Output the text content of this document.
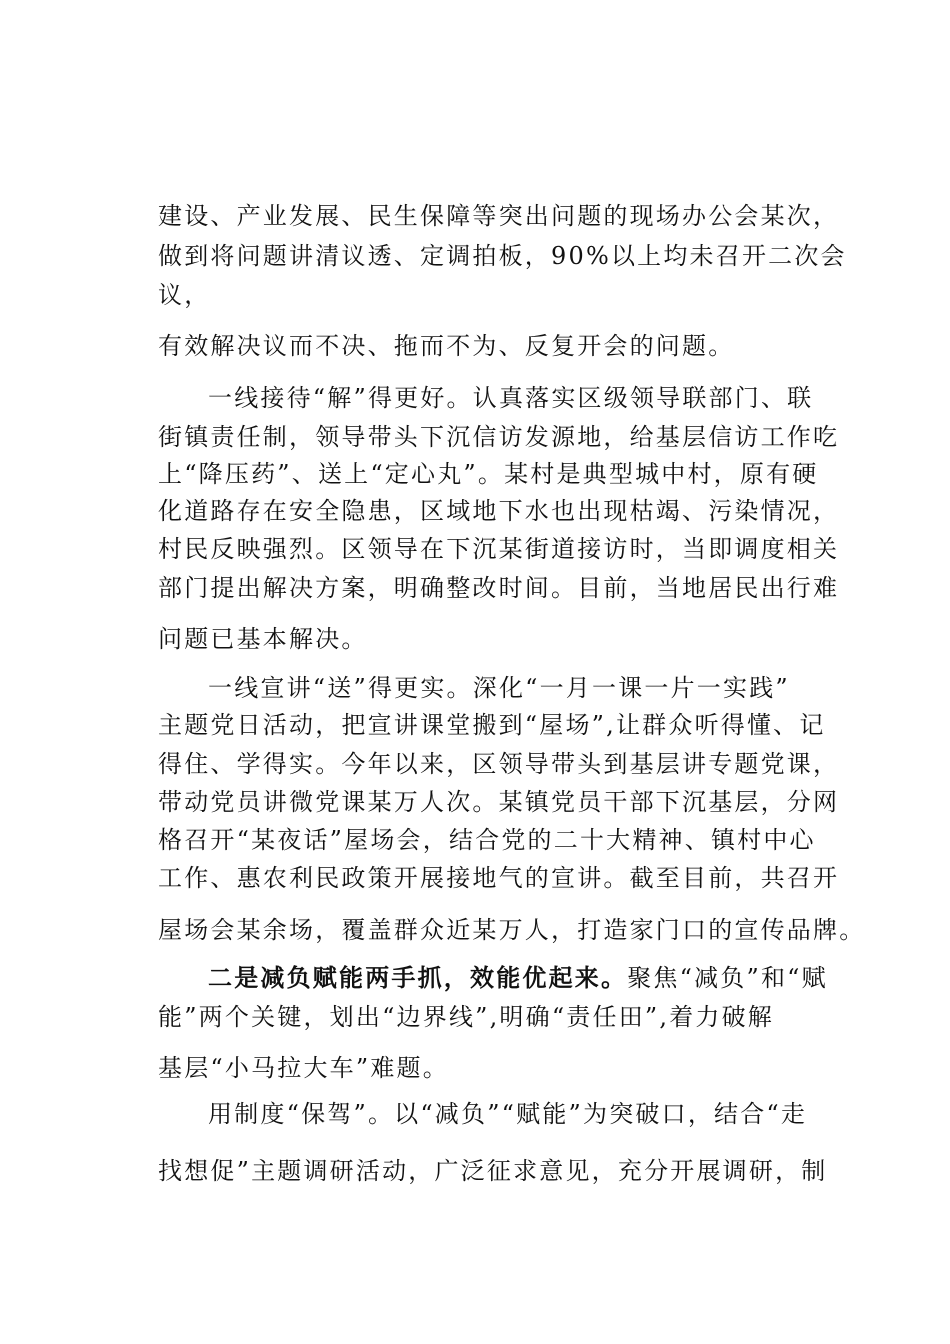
建设、产业发展、民生保障等突出问题的现场办公会某次，
做到将问题讲清议透、定调拍板，90%以上均未召开二次会
议，
有效解决议而不决、拖而不为、反复开会的问题。
一线接待“解”得更好。认真落实区级领导联部门、联
街镇责任制，领导带头下沉信访发源地，给基层信访工作吃
上“降压药”、送上“定心丸”。某村是典型城中村，原有硬
化道路存在安全隐患，区域地下水也出现枯竭、污染情况，
村民反映强烈。区领导在下沉某街道接访时，当即调度相关
部门提出解决方案，明确整改时间。目前，当地居民出行难
问题已基本解决。
一线宣讲“送”得更实。深化“一月一课一片一实践”
主题党日活动，把宣讲课堂搬到“屋场”,让群众听得懂、记
得住、学得实。今年以来，区领导带头到基层讲专题党课，
带动党员讲微党课某万人次。某镇党员干部下沉基层，分网
格召开“某夜话”屋场会，结合党的二十大精神、镇村中心
工作、惠农利民政策开展接地气的宣讲。截至目前，共召开
屋场会某余场，覆盖群众近某万人，打造家门口的宣传品牌。
二是减负赋能两手抓，效能优起来。聚焦“减负”和“赋
能”两个关键，划出“边界线”,明确“责任田”,着力破解
基层“小马拉大车”难题。
用制度“保驾”。以“减负”“赋能”为突破口，结合“走
找想促”主题调研活动，广泛征求意见，充分开展调研，制
